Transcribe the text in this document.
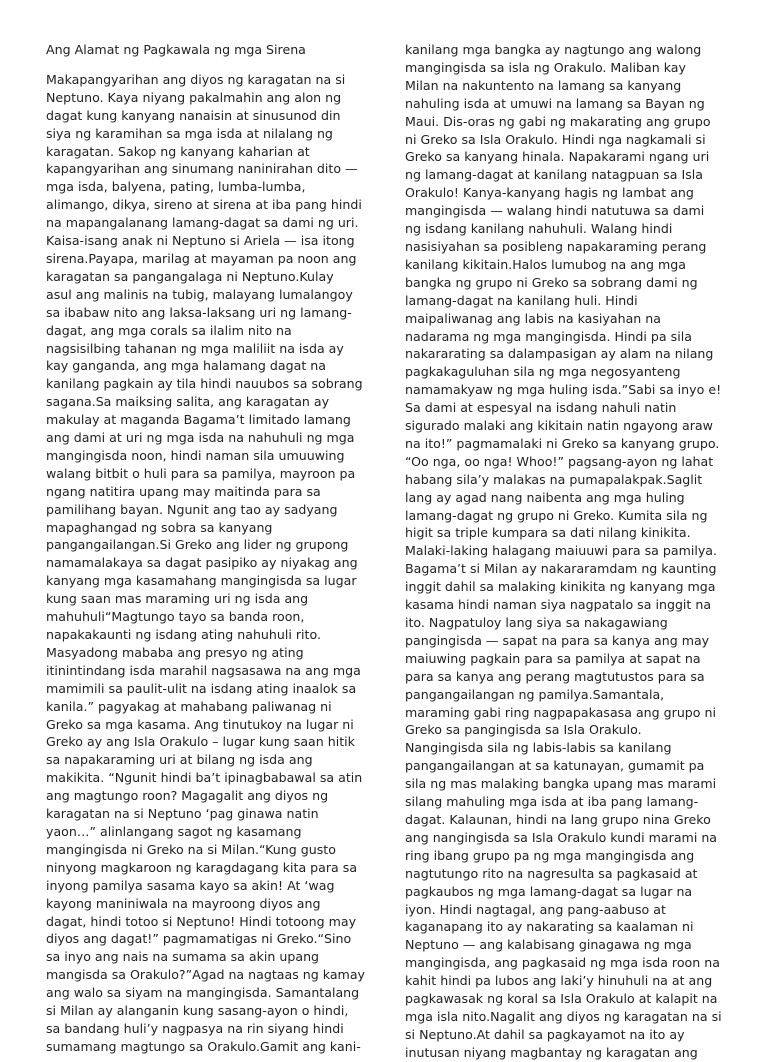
Ang Alamat ng Pagkawala ng mga Sirena
Makapangyarihan ang diyos ng karagatan na si
Neptuno. Kaya niyang pakalmahin ang alon ng
dagat kung kanyang nanaisin at sinusunod din
siya ng karamihan sa mga isda at nilalang ng
karagatan. Sakop ng kanyang kaharian at
kapangyarihan ang sinumang naninirahan dito —
mga isda, balyena, pating, lumba-lumba,
alimango, dikya, sireno at sirena at iba pang hindi
na mapangalanang lamang-dagat sa dami ng uri.
Kaisa-isang anak ni Neptuno si Ariela — isa itong
sirena.Payapa, marilag at mayaman pa noon ang
karagatan sa pangangalaga ni Neptuno.Kulay
asul ang malinis na tubig, malayang lumalangoy
sa ibabaw nito ang laksa-laksang uri ng lamang-
dagat, ang mga corals sa ilalim nito na
nagsisilbing tahanan ng mga maliliit na isda ay
kay ganganda, ang mga halamang dagat na
kanilang pagkain ay tila hindi nauubos sa sobrang
sagana.Sa maiksing salita, ang karagatan ay
makulay at maganda Bagama’t limitado lamang
ang dami at uri ng mga isda na nahuhuli ng mga
mangingisda noon, hindi naman sila umuuwing
walang bitbit o huli para sa pamilya, mayroon pa
ngang natitira upang may maitinda para sa
pamilihang bayan. Ngunit ang tao ay sadyang
mapaghangad ng sobra sa kanyang
pangangailangan.Si Greko ang lider ng grupong
namamalakaya sa dagat pasipiko ay niyakag ang
kanyang mga kasamahang mangingisda sa lugar
kung saan mas maraming uri ng isda ang
mahuhuli“Magtungo tayo sa banda roon,
napakakaunti ng isdang ating nahuhuli rito.
Masyadong mababa ang presyo ng ating
itinintindang isda marahil nagsasawa na ang mga
mamimili sa paulit-ulit na isdang ating inaalok sa
kanila.” pagyakag at mahabang paliwanag ni
Greko sa mga kasama. Ang tinutukoy na lugar ni
Greko ay ang Isla Orakulo – lugar kung saan hitik
sa napakaraming uri at bilang ng isda ang
makikita. “Ngunit hindi ba’t ipinagbabawal sa atin
ang magtungo roon? Magagalit ang diyos ng
karagatan na si Neptuno ‘pag ginawa natin
yaon…” alinlangang sagot ng kasamang
mangingisda ni Greko na si Milan.“Kung gusto
ninyong magkaroon ng karagdagang kita para sa
inyong pamilya sasama kayo sa akin! At ‘wag
kayong maniniwala na mayroong diyos ang
dagat, hindi totoo si Neptuno! Hindi totoong may
diyos ang dagat!” pagmamatigas ni Greko.“Sino
sa inyo ang nais na sumama sa akin upang
mangisda sa Orakulo?”Agad na nagtaas ng kamay
ang walo sa siyam na mangingisda. Samantalang
si Milan ay alanganin kung sasang-ayon o hindi,
sa bandang huli’y nagpasya na rin siyang hindi
sumamang magtungo sa Orakulo.Gamit ang kani-
kanilang mga bangka ay nagtungo ang walong
mangingisda sa isla ng Orakulo. Maliban kay
Milan na nakuntento na lamang sa kanyang
nahuling isda at umuwi na lamang sa Bayan ng
Maui. Dis-oras ng gabi ng makarating ang grupo
ni Greko sa Isla Orakulo. Hindi nga nagkamali si
Greko sa kanyang hinala. Napakarami ngang uri
ng lamang-dagat at kanilang natagpuan sa Isla
Orakulo! Kanya-kanyang hagis ng lambat ang
mangingisda — walang hindi natutuwa sa dami
ng isdang kanilang nahuhuli. Walang hindi
nasisiyahan sa posibleng napakaraming perang
kanilang kikitain.Halos lumubog na ang mga
bangka ng grupo ni Greko sa sobrang dami ng
lamang-dagat na kanilang huli. Hindi
maipaliwanag ang labis na kasiyahan na
nadarama ng mga mangingisda. Hindi pa sila
nakararating sa dalampasigan ay alam na nilang
pagkakaguluhan sila ng mga negosyanteng
namamakyaw ng mga huling isda.”Sabi sa inyo e!
Sa dami at espesyal na isdang nahuli natin
sigurado malaki ang kikitain natin ngayong araw
na ito!” pagmamalaki ni Greko sa kanyang grupo.
“Oo nga, oo nga! Whoo!” pagsang-ayon ng lahat
habang sila’y malakas na pumapalakpak.Saglit
lang ay agad nang naibenta ang mga huling
lamang-dagat ng grupo ni Greko. Kumita sila ng
higit sa triple kumpara sa dati nilang kinikita.
Malaki-laking halagang maiuuwi para sa pamilya.
Bagama’t si Milan ay nakararamdam ng kaunting
inggit dahil sa malaking kinikita ng kanyang mga
kasama hindi naman siya nagpatalo sa inggit na
ito. Nagpatuloy lang siya sa nakagawiang
pangingisda — sapat na para sa kanya ang may
maiuwing pagkain para sa pamilya at sapat na
para sa kanya ang perang magtutustos para sa
pangangailangan ng pamilya.Samantala,
maraming gabi ring nagpapakasasa ang grupo ni
Greko sa pangingisda sa Isla Orakulo.
Nangingisda sila ng labis-labis sa kanilang
pangangailangan at sa katunayan, gumamit pa
sila ng mas malaking bangka upang mas marami
silang mahuling mga isda at iba pang lamang-
dagat. Kalaunan, hindi na lang grupo nina Greko
ang nangingisda sa Isla Orakulo kundi marami na
ring ibang grupo pa ng mga mangingisda ang
nagtutungo rito na nagresulta sa pagkasaid at
pagkaubos ng mga lamang-dagat sa lugar na
iyon. Hindi nagtagal, ang pang-aabuso at
kaganapang ito ay nakarating sa kaalaman ni
Neptuno — ang kalabisang ginagawa ng mga
mangingisda, ang pagkasaid ng mga isda roon na
kahit hindi pa lubos ang laki’y hinuhuli na at ang
pagkawasak ng koral sa Isla Orakulo at kalapit na
mga isla nito.Nagalit ang diyos ng karagatan na si
si Neptuno.At dahil sa pagkayamot na ito ay
inutusan niyang magbantay ng karagatan ang
